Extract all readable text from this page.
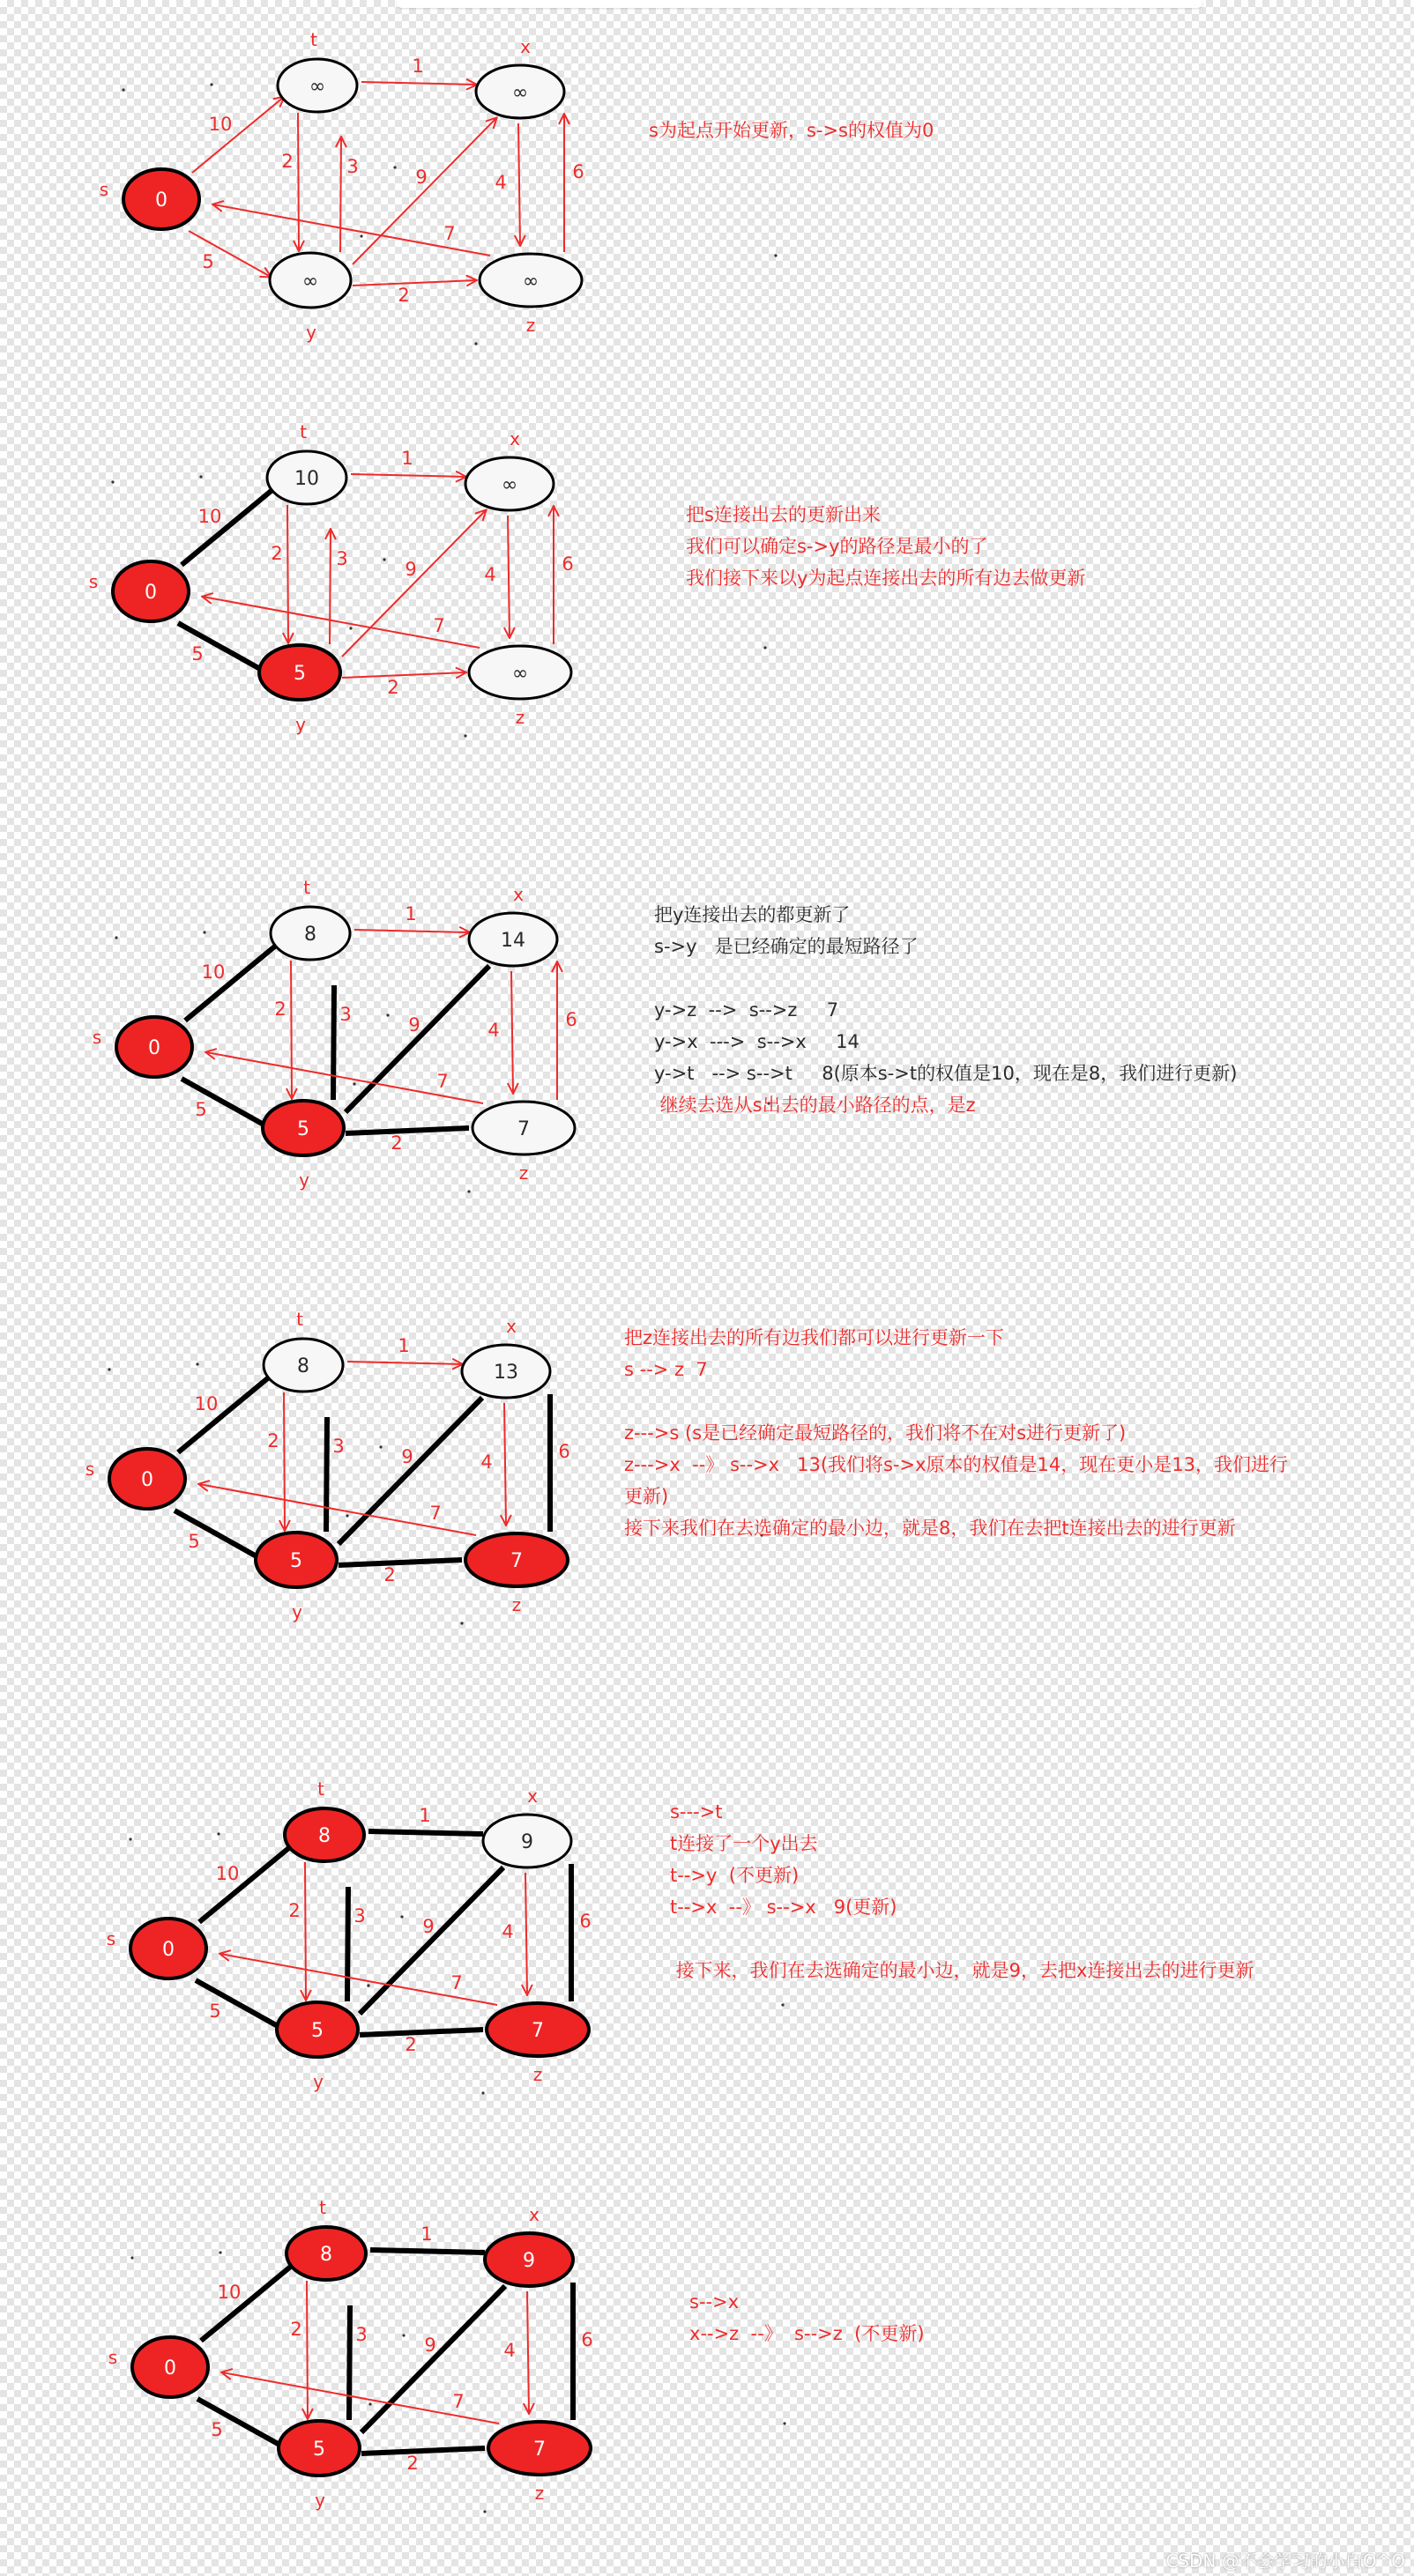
10
5
1
2	3	9
2
4	6
7
0
s
∞
t
∞
x
∞
y
∞
z
10
5
1
2	3	9
2
4	6
7
0
s
10
t
∞
x
5
y
∞
z
10
5
1
2	3	9
2
4	6
7
0
s
8
t
14
x
5
y
7
z
10
5
1
2	3	9
2
4	6
7
0
s
8
t
13
x
5
y
7
z
10
5
1
2	3	9
2
4	6
7
0
s
8
t
9
x
5
y
7
z
10
5
1
2	3	9
2
4	6
7
0
s
8
t
9
x
5
y
7
z
s为起点开始更新，s->s的权值为0
把s连接出去的更新出来
我们可以确定s->y的路径是最小的了
我们接下来以y为起点连接出去的所有边去做更新
把y连接出去的都更新了
s->y   是已经确定的最短路径了

y->z  -->  s-->z     7
y->x  --->  s-->x     14
y->t   --> s-->t     8(原本s->t的权值是10，现在是8，我们进行更新)
继续去选从s出去的最小路径的点，是z
把z连接出去的所有边我们都可以进行更新一下
s --> z  7

z--->s (s是已经确定最短路径的，我们将不在对s进行更新了)
z--->x  --》 s-->x   13(我们将s->x原本的权值是14，现在更小是13，我们进行
更新)
接下来我们在去选确定的最小边，就是8，我们在去把t连接出去的进行更新
s--->t
t连接了一个y出去
t-->y  (不更新)
t-->x  --》 s-->x   9(更新)

接下来，我们在去选确定的最小边，就是9，去把x连接出去的进行更新
s-->x
x-->z  --》  s-->z  (不更新)
CSDN @不会学习的小白O^O
